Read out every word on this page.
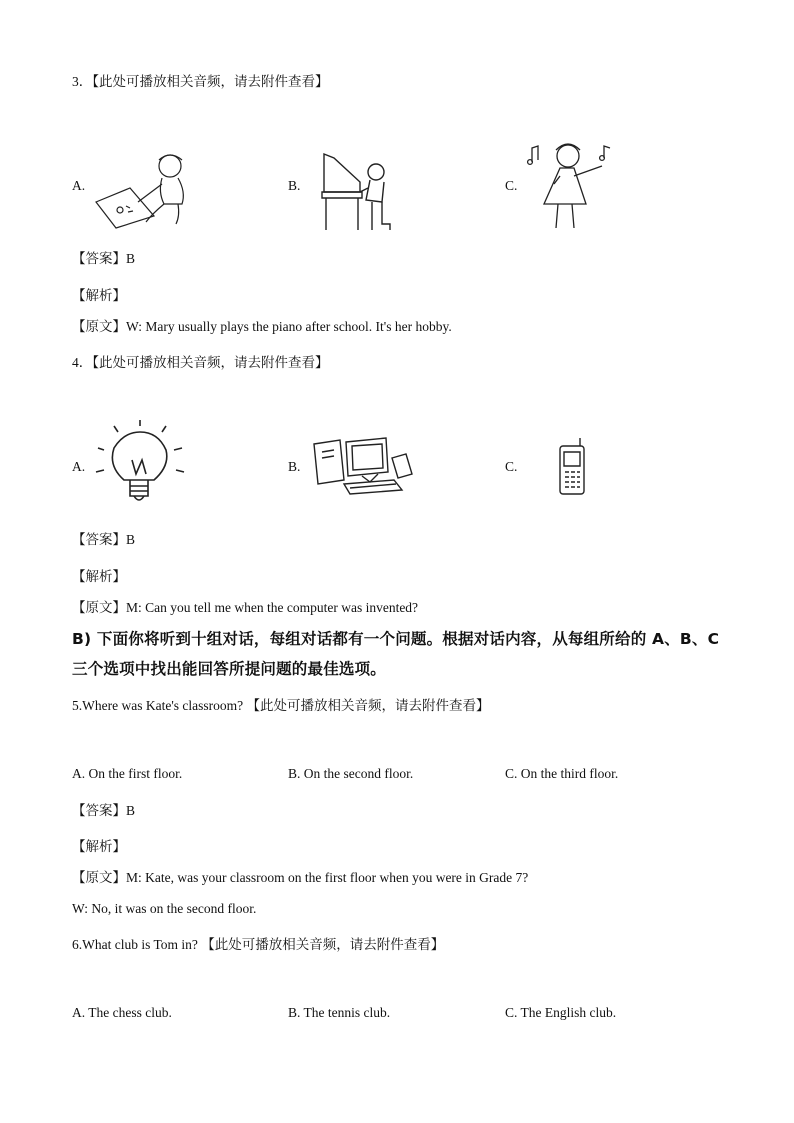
3．【此处可播放相关音频，请去附件查看】
A.	B.	C.
【答案】B
【解析】
【原文】W: Mary usually plays the piano after school. It's her hobby.
4．【此处可播放相关音频，请去附件查看】
A.	B.	C.
【答案】B
【解析】
【原文】M: Can you tell me when the computer was invented?
B) 下面你将听到十组对话，每组对话都有一个问题。根据对话内容，从每组所给的 A、B、C
三个选项中找出能回答所提问题的最佳选项。
5.Where was Kate's classroom? 【此处可播放相关音频，请去附件查看】
A. On the first floor.	B. On the second floor.	C. On the third floor.
【答案】B
【解析】
【原文】M: Kate, was your classroom on the first floor when you were in Grade 7?
W: No, it was on the second floor.
6.What club is Tom in? 【此处可播放相关音频，请去附件查看】
A. The chess club.	B. The tennis club.	C. The English club.
